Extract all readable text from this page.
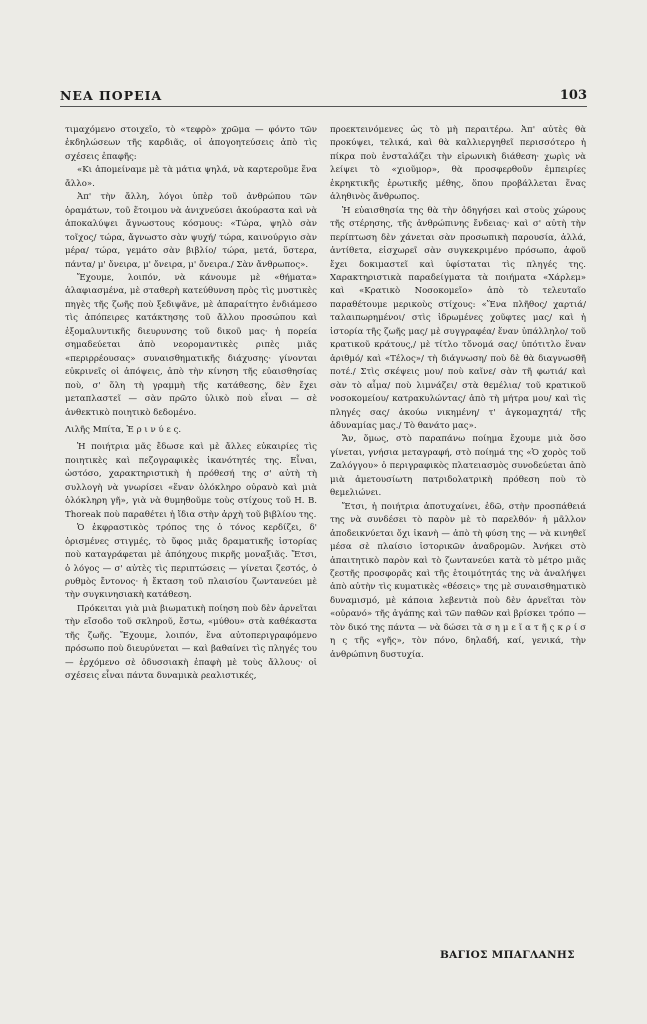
ΝΕΑ ΠΟΡΕΙΑ	103

τιμαχόμενο στοιχεῖο, τὸ «τεφρὸ» χρῶμα — φόντο τῶν ἐκδηλώσεων τῆς καρδιᾶς, οἱ ἀπογοητεύσεις ἀπὸ τὶς σχέσεις ἐπαφῆς:

«Κι ἀπομείναμε μὲ τὰ μάτια ψηλά, νὰ καρτεροῦμε ἕνα ἄλλο».

Ἀπ' τὴν ἄλλη, λόγοι ὑπὲρ τοῦ ἀνθρώπου τῶν ὁραμάτων, τοῦ ἕτοιμου νὰ ἀνιχνεύσει ἀκούραστα καὶ νὰ ἀποκαλύψει ἄγνωστους κόσμους: «Τώρα, ψηλὸ σὰν τοῖχος/ τώρα, ἄγνωστο σὰν ψυχή/ τώρα, καινούργιο σὰν μέρα/ τώρα, γεμάτο σὰν βιβλίο/ τώρα, μετά, ὕστερα, πάντα/ μ' ὄνειρα, μ' ὄνειρα, μ' ὄνειρα./ Σὰν ἄνθρωπος».

Ἔχουμε, λοιπόν, νὰ κάνουμε μὲ «θήματα» ἀλαφιασμένα, μὲ σταθερὴ κατεύθυνση πρὸς τὶς μυστικὲς πηγὲς τῆς ζωῆς ποὺ ξεδιψᾶνε, μὲ ἀπαραίτητο ἐνδιάμεσο τὶς ἀπόπειρες κατάκτησης τοῦ ἄλλου προσώπου καὶ ἐξομαλυντικῆς διευρυνσης τοῦ δικοῦ μας· ἡ πορεία σημαδεύεται ἀπὸ νεορομαντικὲς ριπὲς μιᾶς «περιρρέουσας» συναισθηματικῆς διάχυσης· γίνονται εὐκρινεῖς οἱ ἀπόψεις, ἀπὸ τὴν κίνηση τῆς εὐαισθησίας ποὺ, σ' ὅλη τὴ γραμμὴ τῆς κατάθεσης, δὲν ἔχει μεταπλαστεῖ — σὰν πρῶτο ὑλικὸ ποὺ εἶναι — σὲ ἀνθεκτικὸ ποιητικὸ δεδομένο.

Λιλῆς Μπίτα, Ἐ ρ ι ν ύ ε ς.

Ἡ ποιήτρια μᾶς ἔδωσε καὶ μὲ ἄλλες εὐκαιρίες τὶς ποιητικὲς καὶ πεζογραφικὲς ἱκανότητές της. Εἶναι, ὡστόσο, χαρακτηριστικὴ ἡ πρόθεσή της σ' αὐτὴ τὴ συλλογὴ νὰ γνωρίσει «ἕναν ὁλόκληρο οὐρανὸ καὶ μιὰ ὁλόκληρη γῆ», γιὰ νὰ θυμηθοῦμε τοὺς στίχους τοῦ H. B. Thoreak ποὺ παραθέτει ἡ ἴδια στὴν ἀρχὴ τοῦ βιβλίου της.

Ὁ ἐκφραστικὸς τρόπος της ὁ τόνος κερδίζει, δ' ὁρισμένες στιγμές, τὸ ὕφος μιᾶς δραματικῆς ἱστορίας ποὺ καταγράφεται μὲ ἀπόηχους πικρῆς μοναξιᾶς. Ἔτσι, ὁ λόγος — σ' αὐτὲς τὶς περιπτώσεις — γίνεται ζεστός, ὁ ρυθμὸς ἔντονος· ἡ ἔκταση τοῦ πλαισίου ζωντανεύει μὲ τὴν συγκινησιακὴ κατάθεση.

Πρόκειται γιὰ μιὰ βιωματικὴ ποίηση ποὺ δὲν ἀρνεῖται τὴν εἴσοδο τοῦ σκληροῦ, ἔστω, «μύθου» στὰ καθέκαστα τῆς ζωῆς. Ἔχουμε, λοιπόν, ἕνα αὐτοπεριγραφόμενο πρόσωπο ποὺ διευρύνεται — καὶ βαθαίνει τὶς πληγές του — ἐρχόμενο σὲ ὀδυσσιακὴ ἐπαφὴ μὲ τοὺς ἄλλους· οἱ σχέσεις εἶναι πάντα δυναμικὰ ρεαλιστικές,

προεκτεινόμενες ὡς τὸ μὴ περαιτέρω. Ἀπ' αὐτὲς θὰ προκύψει, τελικά, καὶ θὰ καλλιεργηθεῖ περισσότερο ἡ πίκρα ποὺ ἐνσταλάζει τὴν εἰρωνικὴ διάθεση· χωρὶς νὰ λείψει τὸ «χιοῦμορ», θὰ προσφερθοῦν ἐμπειρίες ἐκρηκτικῆς ἐρωτικῆς μέθης, ὅπου προβάλλεται ἕνας ἀληθινὸς ἄνθρωπος.

Ἡ εὐαισθησία της θὰ τὴν ὁδηγήσει καὶ στοὺς χώρους τῆς στέρησης, τῆς ἀνθρώπινης ἔνδειας· καὶ σ' αὐτὴ τὴν περίπτωση δὲν χάνεται σὰν προσωπικὴ παρουσία, ἀλλά, ἀντίθετα, εἰσχωρεῖ σὰν συγκεκριμένο πρόσωπο, ἀφοῦ ἔχει δοκιμαστεῖ καὶ ὑφίσταται τὶς πληγές της. Χαρακτηριστικὰ παραδείγματα τὰ ποιήματα «Χάρλεμ» καὶ «Κρατικὸ Νοσοκομεῖο» ἀπὸ τὸ τελευταῖο παραθέτουμε μερικοὺς στίχους: «Ἕνα πλῆθος/ χαρτιά/ ταλαιπωρημένοι/ στὶς ἱδρωμένες χοῦφτες μας/ καὶ ἡ ἱστορία τῆς ζωῆς μας/ μὲ συγγραφέα/ ἕναν ὑπάλληλο/ τοῦ κρατικοῦ κράτους,/ μὲ τίτλο τὄνομά σας/ ὑπότιτλο ἕναν ἀριθμό/ καὶ «Τέλος»/ τὴ διάγνωση/ ποὺ δὲ θὰ διαγνωσθῆ ποτέ./ Στὶς σκέψεις μου/ ποὺ καῖνε/ σὰν τῆ φωτιά/ καὶ σὰν τὸ αἷμα/ ποὺ λιμνάζει/ στὰ θεμέλια/ τοῦ κρατικοῦ νοσοκομείου/ κατρακυλώντας/ ἀπὸ τὴ μήτρα μου/ καὶ τὶς πληγές σας/ ἀκούω νικημένη/ τ' ἀγκομαχητά/ τῆς ἀδυναμίας μας./ Τὸ θανάτο μας».

Ἄν, ὅμως, στὸ παραπάνω ποίημα ἔχουμε μιὰ ὅσο γίνεται, γνήσια μεταγραφή, στὸ ποίημά της «Ὁ χορὸς τοῦ Ζαλόγγου» ὁ περιγραφικὸς πλατειασμὸς συνοδεύεται ἀπὸ μιὰ ἀμετουσίωτη πατριδολατρικὴ πρόθεση ποὺ τὸ θεμελιώνει.

Ἔτσι, ἡ ποιήτρια ἀποτυχαίνει, ἐδῶ, στὴν προσπάθειά της νὰ συνδέσει τὸ παρὸν μὲ τὸ παρελθόν· ἡ μᾶλλον ἀποδεικνύεται ὄχι ἱκανὴ — ἀπὸ τὴ φύση της — νὰ κινηθεῖ μέσα σὲ πλαίσιο ἱστορικῶν ἀναδρομῶν. Ἀνήκει στὸ ἀπαιτητικὸ παρὸν καὶ τὸ ζωντανεύει κατὰ τὸ μέτρο μιᾶς ζεστῆς προσφορᾶς καὶ τῆς ἑτοιμότητάς της νὰ ἀναλήψει ἀπὸ αὐτὴν τὶς κυματικὲς «θέσεις» της μὲ συναισθηματικὸ δυναμισμό, μὲ κάποια λεβεντιὰ ποὺ δὲν ἀρνεῖται τὸν «οὐρανό» τῆς ἀγάπης καὶ τῶν παθῶν καὶ βρίσκει τρόπο — τὸν δικό της πάντα — νὰ δώσει τὰ σ η μ ε ῖ α τ ῆ ς κ ρ ί σ η ς τῆς «γῆς», τὸν πόνο, δηλαδή, καί, γενικά, τὴν ἀνθρώπινη δυστυχία.

ΒΑΓΙΟΣ ΜΠΑΓΛΑΝΗΣ
